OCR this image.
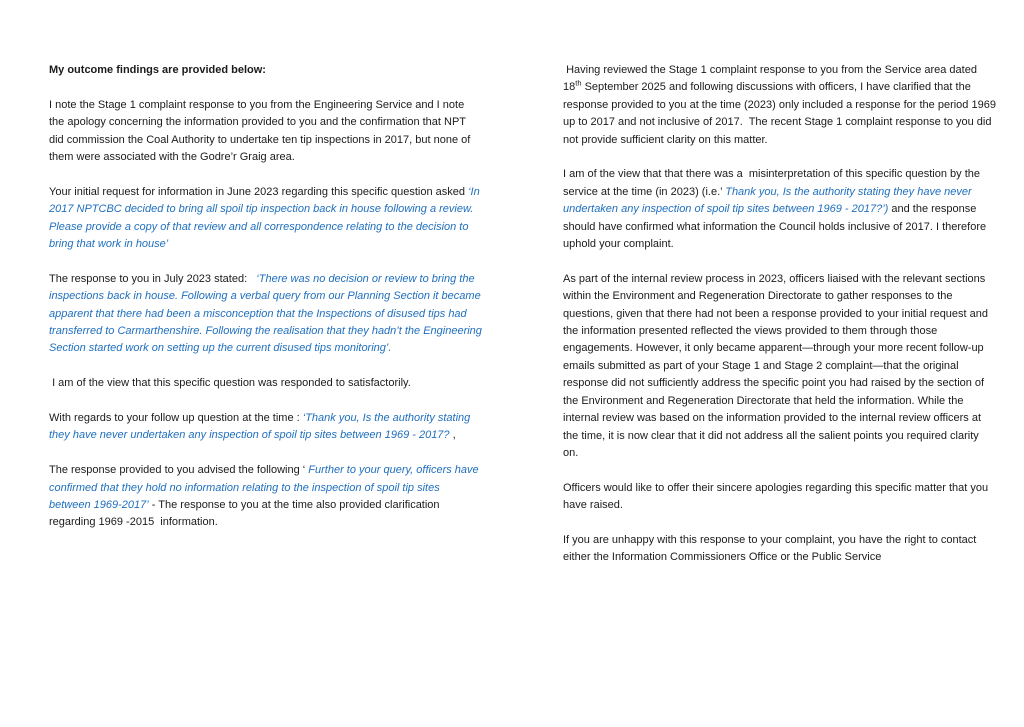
My outcome findings are provided below:

I note the Stage 1 complaint response to you from the Engineering Service and I note the apology concerning the information provided to you and the confirmation that NPT did commission the Coal Authority to undertake ten tip inspections in 2017, but none of them were associated with the Godre’r Graig area.

Your initial request for information in June 2023 regarding this specific question asked ‘In 2017 NPTCBC decided to bring all spoil tip inspection back in house following a review. Please provide a copy of that review and all correspondence relating to the decision to bring that work in house’

The response to you in July 2023 stated:   ‘There was no decision or review to bring the inspections back in house. Following a verbal query from our Planning Section it became apparent that there had been a misconception that the Inspections of disused tips had transferred to Carmarthenshire. Following the realisation that they hadn’t the Engineering Section started work on setting up the current disused tips monitoring’.

I am of the view that this specific question was responded to satisfactorily.

With regards to your follow up question at the time : ‘Thank you, Is the authority stating they have never undertaken any inspection of spoil tip sites between 1969 - 2017? ,

The response provided to you advised the following ‘ Further to your query, officers have confirmed that they hold no information relating to the inspection of spoil tip sites between 1969-2017’ - The response to you at the time also provided clarification regarding 1969 -2015  information.

Having reviewed the Stage 1 complaint response to you from the Service area dated 18th September 2025 and following discussions with officers, I have clarified that the response provided to you at the time (2023) only included a response for the period 1969 up to 2017 and not inclusive of 2017.  The recent Stage 1 complaint response to you did not provide sufficient clarity on this matter.

I am of the view that that there was a  misinterpretation of this specific question by the service at the time (in 2023) (i.e.’ Thank you, Is the authority stating they have never undertaken any inspection of spoil tip sites between 1969 - 2017?’) and the response should have confirmed what information the Council holds inclusive of 2017. I therefore uphold your complaint.

As part of the internal review process in 2023, officers liaised with the relevant sections within the Environment and Regeneration Directorate to gather responses to the questions, given that there had not been a response provided to your initial request and the information presented reflected the views provided to them through those engagements. However, it only became apparent—through your more recent follow-up emails submitted as part of your Stage 1 and Stage 2 complaint—that the original response did not sufficiently address the specific point you had raised by the section of the Environment and Regeneration Directorate that held the information. While the internal review was based on the information provided to the internal review officers at the time, it is now clear that it did not address all the salient points you required clarity on.

Officers would like to offer their sincere apologies regarding this specific matter that you have raised.

If you are unhappy with this response to your complaint, you have the right to contact either the Information Commissioners Office or the Public Service
